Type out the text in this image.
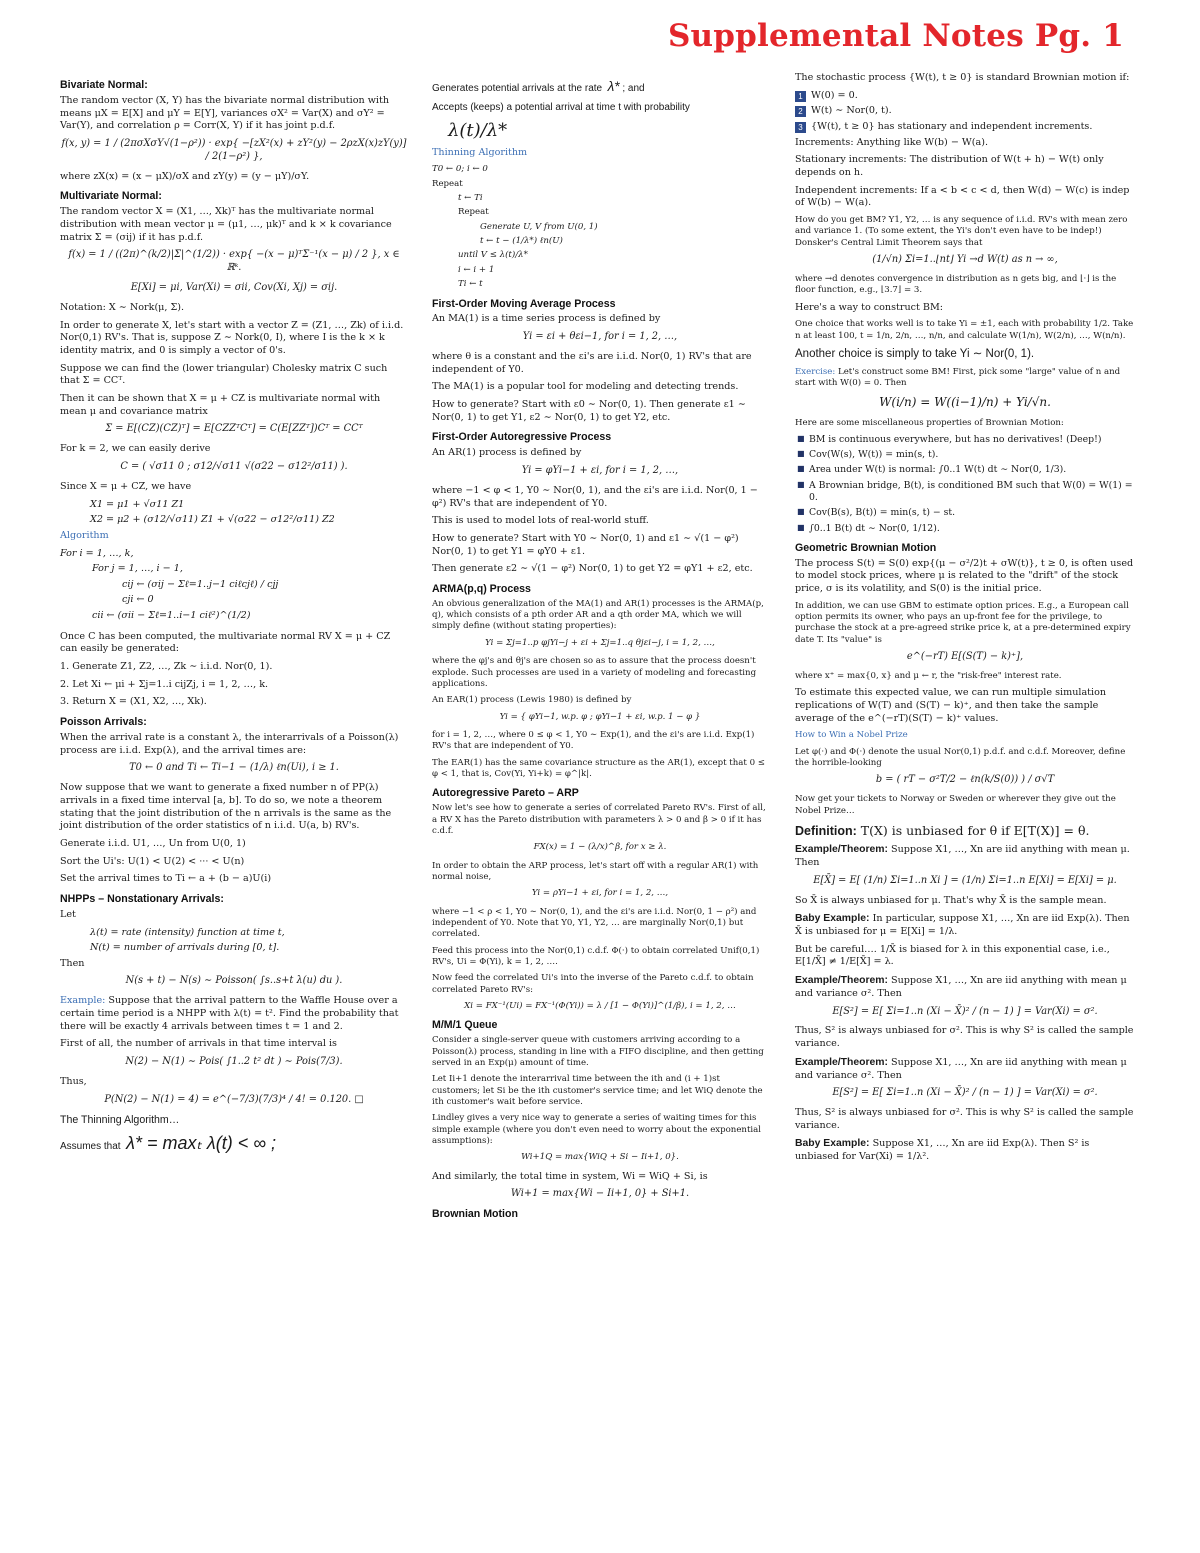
Supplemental Notes Pg. 1
Bivariate Normal:

The random vector (X, Y) has the bivariate normal distribution with means μX = E[X] and μY = E[Y], variances σX² = Var(X) and σY² = Var(Y), and correlation ρ = Corr(X, Y) if it has joint p.d.f.

f(x, y) = 1 / (2πσXσY√(1−ρ²)) · exp{ −[zX²(x) + zY²(y) − 2ρzX(x)zY(y)] / 2(1−ρ²) },

where zX(x) = (x − μX)/σX and zY(y) = (y − μY)/σY.

Multivariate Normal:

The random vector X = (X1, …, Xk)ᵀ has the multivariate normal distribution with mean vector μ = (μ1, …, μk)ᵀ and k × k covariance matrix Σ = (σij) if it has p.d.f.

f(x) = 1 / ((2π)^(k/2)|Σ|^(1/2)) · exp{ −(x − μ)ᵀΣ⁻¹(x − μ) / 2 }, x ∈ ℝᵏ.
E[Xi] = μi, Var(Xi) = σii, Cov(Xi, Xj) = σij.

Notation: X ∼ Nork(μ, Σ).

In order to generate X, let's start with a vector Z = (Z1, …, Zk) of i.i.d. Nor(0,1) RV's. That is, suppose Z ∼ Nork(0, I), where I is the k × k identity matrix, and 0 is simply a vector of 0's.

Suppose we can find the (lower triangular) Cholesky matrix C such that Σ = CCᵀ.

Then it can be shown that X = μ + CZ is multivariate normal with mean μ and covariance matrix

Σ = E[(CZ)(CZ)ᵀ] = E[CZZᵀCᵀ] = C(E[ZZᵀ])Cᵀ = CCᵀ

For k = 2, we can easily derive

C = ( √σ11 0 ; σ12/√σ11 √(σ22 − σ12²/σ11) ).

Since X = μ + CZ, we have

X1 = μ1 + √σ11 Z1
X2 = μ2 + (σ12/√σ11) Z1 + √(σ22 − σ12²/σ11) Z2

Algorithm

For i = 1, …, k,
For j = 1, …, i − 1,
cij ← (σij − Σℓ=1..j−1 ciℓcjℓ) / cjj
cji ← 0
cii ← (σii − Σℓ=1..i−1 ciℓ²)^(1/2)

Once C has been computed, the multivariate normal RV X = μ + CZ can easily be generated:

1. Generate Z1, Z2, …, Zk ∼ i.i.d. Nor(0, 1).

2. Let Xi ← μi + Σj=1..i cijZj, i = 1, 2, …, k.

3. Return X = (X1, X2, …, Xk).

Poisson Arrivals:

When the arrival rate is a constant λ, the interarrivals of a Poisson(λ) process are i.i.d. Exp(λ), and the arrival times are:

T0 ← 0 and Ti ← Ti−1 − (1/λ) ℓn(Ui), i ≥ 1.

Now suppose that we want to generate a fixed number n of PP(λ) arrivals in a fixed time interval [a, b]. To do so, we note a theorem stating that the joint distribution of the n arrivals is the same as the joint distribution of the order statistics of n i.i.d. U(a, b) RV's.

Generate i.i.d. U1, …, Un from U(0, 1)

Sort the Ui's: U(1) < U(2) < ··· < U(n)

Set the arrival times to Ti ← a + (b − a)U(i)

NHPPs – Nonstationary Arrivals:

Let

λ(t) = rate (intensity) function at time t,
N(t) = number of arrivals during [0, t].

Then

N(s + t) − N(s) ∼ Poisson( ∫s..s+t λ(u) du ).

Example: Suppose that the arrival pattern to the Waffle House over a certain time period is a NHPP with λ(t) = t². Find the probability that there will be exactly 4 arrivals between times t = 1 and 2.

First of all, the number of arrivals in that time interval is

N(2) − N(1) ∼ Pois( ∫1..2 t² dt ) ∼ Pois(7/3).

Thus,

P(N(2) − N(1) = 4) = e^(−7/3)(7/3)⁴ / 4! = 0.120. □

The Thinning Algorithm…

Assumes that λ* = maxₜ λ(t) < ∞ ;

Generates potential arrivals at the rate λ* ; and

Accepts (keeps) a potential arrival at time t with probability

λ(t)/λ*

Thinning Algorithm

T0 ← 0; i ← 0
Repeat
t ← Ti
Repeat
Generate U, V from U(0, 1)
t ← t − (1/λ*) ℓn(U)
until V ≤ λ(t)/λ*
i ← i + 1
Ti ← t
First-Order Moving Average Process

An MA(1) is a time series process is defined by

Yi = εi + θεi−1, for i = 1, 2, …,

where θ is a constant and the εi's are i.i.d. Nor(0, 1) RV's that are independent of Y0.

The MA(1) is a popular tool for modeling and detecting trends.

How to generate? Start with ε0 ∼ Nor(0, 1). Then generate ε1 ∼ Nor(0, 1) to get Y1, ε2 ∼ Nor(0, 1) to get Y2, etc.

First-Order Autoregressive Process

An AR(1) process is defined by

Yi = φYi−1 + εi, for i = 1, 2, …,

where −1 < φ < 1, Y0 ∼ Nor(0, 1), and the εi's are i.i.d. Nor(0, 1 − φ²) RV's that are independent of Y0.

This is used to model lots of real-world stuff.

How to generate? Start with Y0 ∼ Nor(0, 1) and ε1 ∼ √(1 − φ²) Nor(0, 1) to get Y1 = φY0 + ε1.

Then generate ε2 ∼ √(1 − φ²) Nor(0, 1) to get Y2 = φY1 + ε2, etc.

ARMA(p,q) Process

An obvious generalization of the MA(1) and AR(1) processes is the ARMA(p, q), which consists of a pth order AR and a qth order MA, which we will simply define (without stating properties):

Yi = Σj=1..p φjYi−j + εi + Σj=1..q θjεi−j, i = 1, 2, …,

where the φj's and θj's are chosen so as to assure that the process doesn't explode. Such processes are used in a variety of modeling and forecasting applications.

An EAR(1) process (Lewis 1980) is defined by

Yi = { φYi−1, w.p. φ ; φYi−1 + εi, w.p. 1 − φ }

for i = 1, 2, …, where 0 ≤ φ < 1, Y0 ∼ Exp(1), and the εi's are i.i.d. Exp(1) RV's that are independent of Y0.

The EAR(1) has the same covariance structure as the AR(1), except that 0 ≤ φ < 1, that is, Cov(Yi, Yi+k) = φ^|k|.

Autoregressive Pareto – ARP

Now let's see how to generate a series of correlated Pareto RV's. First of all, a RV X has the Pareto distribution with parameters λ > 0 and β > 0 if it has c.d.f.

FX(x) = 1 − (λ/x)^β, for x ≥ λ.

In order to obtain the ARP process, let's start off with a regular AR(1) with normal noise,

Yi = ρYi−1 + εi, for i = 1, 2, …,

where −1 < ρ < 1, Y0 ∼ Nor(0, 1), and the εi's are i.i.d. Nor(0, 1 − ρ²) and independent of Y0. Note that Y0, Y1, Y2, … are marginally Nor(0,1) but correlated.

Feed this process into the Nor(0,1) c.d.f. Φ(·) to obtain correlated Unif(0,1) RV's, Ui = Φ(Yi), k = 1, 2, ….

Now feed the correlated Ui's into the inverse of the Pareto c.d.f. to obtain correlated Pareto RV's:

Xi = FX⁻¹(Ui) = FX⁻¹(Φ(Yi)) = λ / [1 − Φ(Yi)]^(1/β), i = 1, 2, …
M/M/1 Queue

Consider a single-server queue with customers arriving according to a Poisson(λ) process, standing in line with a FIFO discipline, and then getting served in an Exp(μ) amount of time.

Let Ii+1 denote the interarrival time between the ith and (i + 1)st customers; let Si be the ith customer's service time; and let WiQ denote the ith customer's wait before service.

Lindley gives a very nice way to generate a series of waiting times for this simple example (where you don't even need to worry about the exponential assumptions):

Wi+1Q = max{WiQ + Si − Ii+1, 0}.

And similarly, the total time in system, Wi = WiQ + Si, is

Wi+1 = max{Wi − Ii+1, 0} + Si+1.
Brownian Motion

The stochastic process {W(t), t ≥ 0} is standard Brownian motion if:

1 W(0) = 0.
2 W(t) ∼ Nor(0, t).
3 {W(t), t ≥ 0} has stationary and independent increments.

Increments: Anything like W(b) − W(a).

Stationary increments: The distribution of W(t + h) − W(t) only depends on h.

Independent increments: If a < b < c < d, then W(d) − W(c) is indep of W(b) − W(a).

How do you get BM? Y1, Y2, … is any sequence of i.i.d. RV's with mean zero and variance 1. (To some extent, the Yi's don't even have to be indep!) Donsker's Central Limit Theorem says that

(1/√n) Σi=1..⌊nt⌋ Yi →d W(t) as n → ∞,

where →d denotes convergence in distribution as n gets big, and ⌊·⌋ is the floor function, e.g., ⌊3.7⌋ = 3.

Here's a way to construct BM:

One choice that works well is to take Yi = ±1, each with probability 1/2. Take n at least 100, t = 1/n, 2/n, …, n/n, and calculate W(1/n), W(2/n), …, W(n/n).

Another choice is simply to take Yi ∼ Nor(0, 1).

Exercise: Let's construct some BM! First, pick some "large" value of n and start with W(0) = 0. Then

W(i/n) = W((i−1)/n) + Yi/√n.

Here are some miscellaneous properties of Brownian Motion:

■ BM is continuous everywhere, but has no derivatives! (Deep!)
■ Cov(W(s), W(t)) = min(s, t).
■ Area under W(t) is normal: ∫0..1 W(t) dt ∼ Nor(0, 1/3).
■ A Brownian bridge, B(t), is conditioned BM such that W(0) = W(1) = 0.
■ Cov(B(s), B(t)) = min(s, t) − st.
■ ∫0..1 B(t) dt ∼ Nor(0, 1/12).
Geometric Brownian Motion

The process S(t) = S(0) exp{(μ − σ²/2)t + σW(t)}, t ≥ 0, is often used to model stock prices, where μ is related to the "drift" of the stock price, σ is its volatility, and S(0) is the initial price.

In addition, we can use GBM to estimate option prices. E.g., a European call option permits its owner, who pays an up-front fee for the privilege, to purchase the stock at a pre-agreed strike price k, at a pre-determined expiry date T. Its "value" is

e^(−rT) E[(S(T) − k)⁺],

where x⁺ = max{0, x} and μ ← r, the "risk-free" interest rate.

To estimate this expected value, we can run multiple simulation replications of W(T) and (S(T) − k)⁺, and then take the sample average of the e^(−rT)(S(T) − k)⁺ values.

How to Win a Nobel Prize

Let φ(·) and Φ(·) denote the usual Nor(0,1) p.d.f. and c.d.f. Moreover, define the horrible-looking

b = ( rT − σ²T/2 − ℓn(k/S(0)) ) / σ√T

Now get your tickets to Norway or Sweden or wherever they give out the Nobel Prize…

Definition: T(X) is unbiased for θ if E[T(X)] = θ.

Example/Theorem: Suppose X1, …, Xn are iid anything with mean μ. Then

E[X̄] = E[ (1/n) Σi=1..n Xi ] = (1/n) Σi=1..n E[Xi] = E[Xi] = μ.

So X̄ is always unbiased for μ. That's why X̄ is the sample mean.

Baby Example: In particular, suppose X1, …, Xn are iid Exp(λ). Then X̄ is unbiased for μ = E[Xi] = 1/λ.

But be careful…. 1/X̄ is biased for λ in this exponential case, i.e., E[1/X̄] ≠ 1/E[X̄] = λ.

Example/Theorem: Suppose X1, …, Xn are iid anything with mean μ and variance σ². Then

E[S²] = E[ Σi=1..n (Xi − X̄)² / (n − 1) ] = Var(Xi) = σ².

Thus, S² is always unbiased for σ². This is why S² is called the sample variance.

Example/Theorem: Suppose X1, …, Xn are iid anything with mean μ and variance σ². Then

E[S²] = E[ Σi=1..n (Xi − X̄)² / (n − 1) ] = Var(Xi) = σ².

Thus, S² is always unbiased for σ². This is why S² is called the sample variance.

Baby Example: Suppose X1, …, Xn are iid Exp(λ). Then S² is unbiased for Var(Xi) = 1/λ².
